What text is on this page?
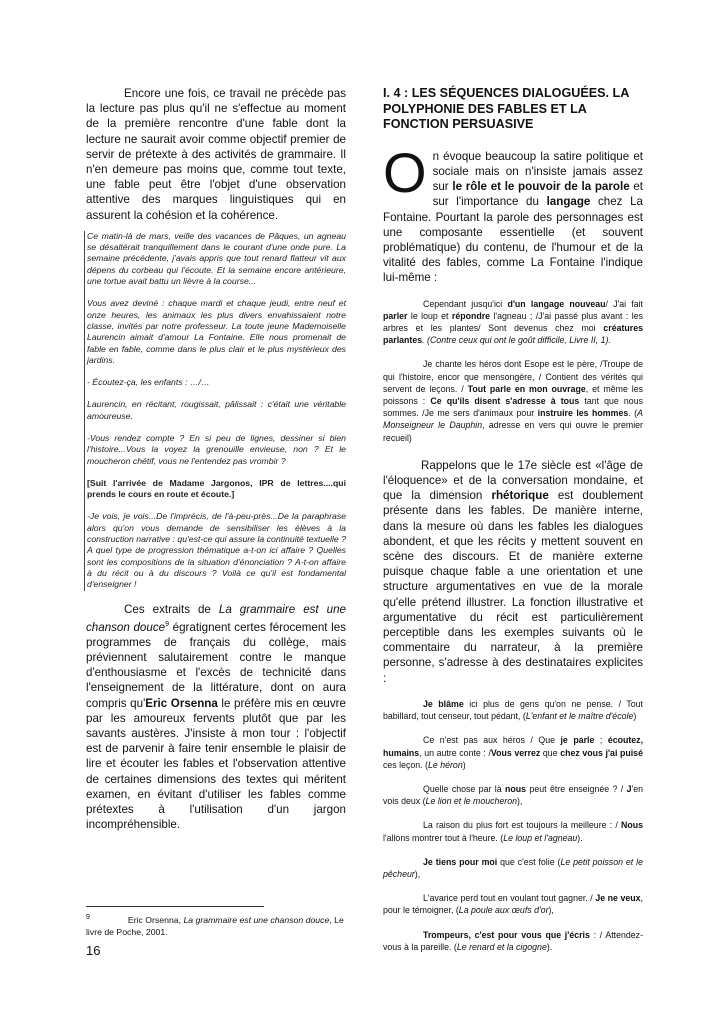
Encore une fois, ce travail ne précède pas la lecture pas plus qu'il ne s'effectue au moment de la première rencontre d'une fable dont la lecture ne saurait avoir comme objectif premier de servir de prétexte à des activités de grammaire. Il n'en demeure pas moins que, comme tout texte, une fable peut être l'objet d'une observation attentive des marques linguistiques qui en assurent la cohésion et la cohérence.

Ce matin-là de mars, veille des vacances de Pâques, un agneau se désaltérait tranquillement dans le courant d'une onde pure. La semaine précédente, j'avais appris que tout renard flatteur vit aux dépens du corbeau qui l'écoute. Et la semaine encore antérieure, une tortue avait battu un lièvre à la course...

Vous avez deviné : chaque mardi et chaque jeudi, entre neuf et onze heures, les animaux les plus divers envahissaient notre classe, invités par notre professeur. La toute jeune Mademoiselle Laurencin aimait d'amour La Fontaine. Elle nous promenait de fable en fable, comme dans le plus clair et le plus mystérieux des jardins.

- Écoutez-ça, les enfants : …/…

Laurencin, en récitant, rougissait, pâlissait : c'était une véritable amoureuse.

-Vous rendez compte ? En si peu de lignes, dessiner si bien l'histoire...Vous la voyez la grenouille envieuse, non ? Et le moucheron chétif, vous ne l'entendez pas vrombir ?

[Suit l'arrivée de Madame Jargonos, IPR de lettres....qui prends le cours en route et écoute.]

-Je vois, je vois...De l'imprécis, de l'à-peu-près...De la paraphrase alors qu'on vous demande de sensibiliser les élèves à la construction narrative : qu'est-ce qui assure la continuité textuelle ? A quel type de progression thématique a-t-on ici affaire ? Quelles sont les compositions de la situation d'énonciation ? A-t-on affaire à du récit ou à du discours ? Voilà ce qu'il est fondamental d'enseigner !

Ces extraits de La grammaire est une chanson douce$^9$ égratignent certes férocement les programmes de français du collège, mais préviennent salutairement contre le manque d'enthousiasme et l'excès de technicité dans l'enseignement de la littérature, dont on aura compris qu'Eric Orsenna le préfère mis en œuvre par les amoureux fervents plutôt que par les savants austères. J'insiste à mon tour : l'objectif est de parvenir à faire tenir ensemble le plaisir de lire et écouter les fables et l'observation attentive de certaines dimensions des textes qui méritent examen, en évitant d'utiliser les fables comme prétextes à l'utilisation d'un jargon incompréhensible.

$^9$	Eric Orsenna, La grammaire est une chanson douce, Le livre de Poche, 2001.
16
I. 4 : LES SÉQUENCES DIALOGUÉES. LA POLYPHONIE DES FABLES ET LA FONCTION PERSUASIVE

On évoque beaucoup la satire politique et sociale mais on n'insiste jamais assez sur le rôle et le pouvoir de la parole et sur l'importance du langage chez La Fontaine. Pourtant la parole des personnages est une composante essentielle (et souvent problématique) du contenu, de l'humour et de la vitalité des fables, comme La Fontaine l'indique lui-même :

Cependant jusqu'ici d'un langage nouveau/ J'ai fait parler le loup et répondre l'agneau ; /J'ai passé plus avant : les arbres et les plantes/ Sont devenus chez moi créatures parlantes. (Contre ceux qui ont le goût difficile, Livre II, 1).

Je chante les héros dont Esope est le père, /Troupe de qui l'histoire, encor que mensongère, / Contient des vérités qui servent de leçons. / Tout parle en mon ouvrage, et même les poissons : Ce qu'ils disent s'adresse à tous tant que nous sommes. /Je me sers d'animaux pour instruire les hommes. (A Monseigneur le Dauphin, adresse en vers qui ouvre le premier recueil)

Rappelons que le 17e siècle est «l'âge de l'éloquence» et de la conversation mondaine, et que la dimension rhétorique est doublement présente dans les fables. De manière interne, dans la mesure où dans les fables les dialogues abondent, et que les récits y mettent souvent en scène des discours. Et de manière externe puisque chaque fable a une orientation et une structure argumentatives en vue de la morale qu'elle prétend illustrer. La fonction illustrative et argumentative du récit est particulièrement perceptible dans les exemples suivants où le commentaire du narrateur, à la première personne, s'adresse à des destinataires explicites :

Je blâme ici plus de gens qu'on ne pense. / Tout babillard, tout censeur, tout pédant, (L'enfant et le maître d'école)

Ce n'est pas aux héros / Que je parle ; écoutez, humains, un autre conte : /Vous verrez que chez vous j'ai puisé ces leçon. (Le héron)

Quelle chose par là nous peut être enseignée ? / J'en vois deux (Le lion et le moucheron),

La raison du plus fort est toujours la meilleure : / Nous l'allons montrer tout à l'heure. (Le loup et l'agneau).

Je tiens pour moi que c'est folie (Le petit poisson et le pêcheur),

L'avarice perd tout en voulant tout gagner. / Je ne veux, pour le témoigner, (La poule aux œufs d'or),

Trompeurs, c'est pour vous que j'écris : / Attendez-vous à la pareille. (Le renard et la cigogne).
